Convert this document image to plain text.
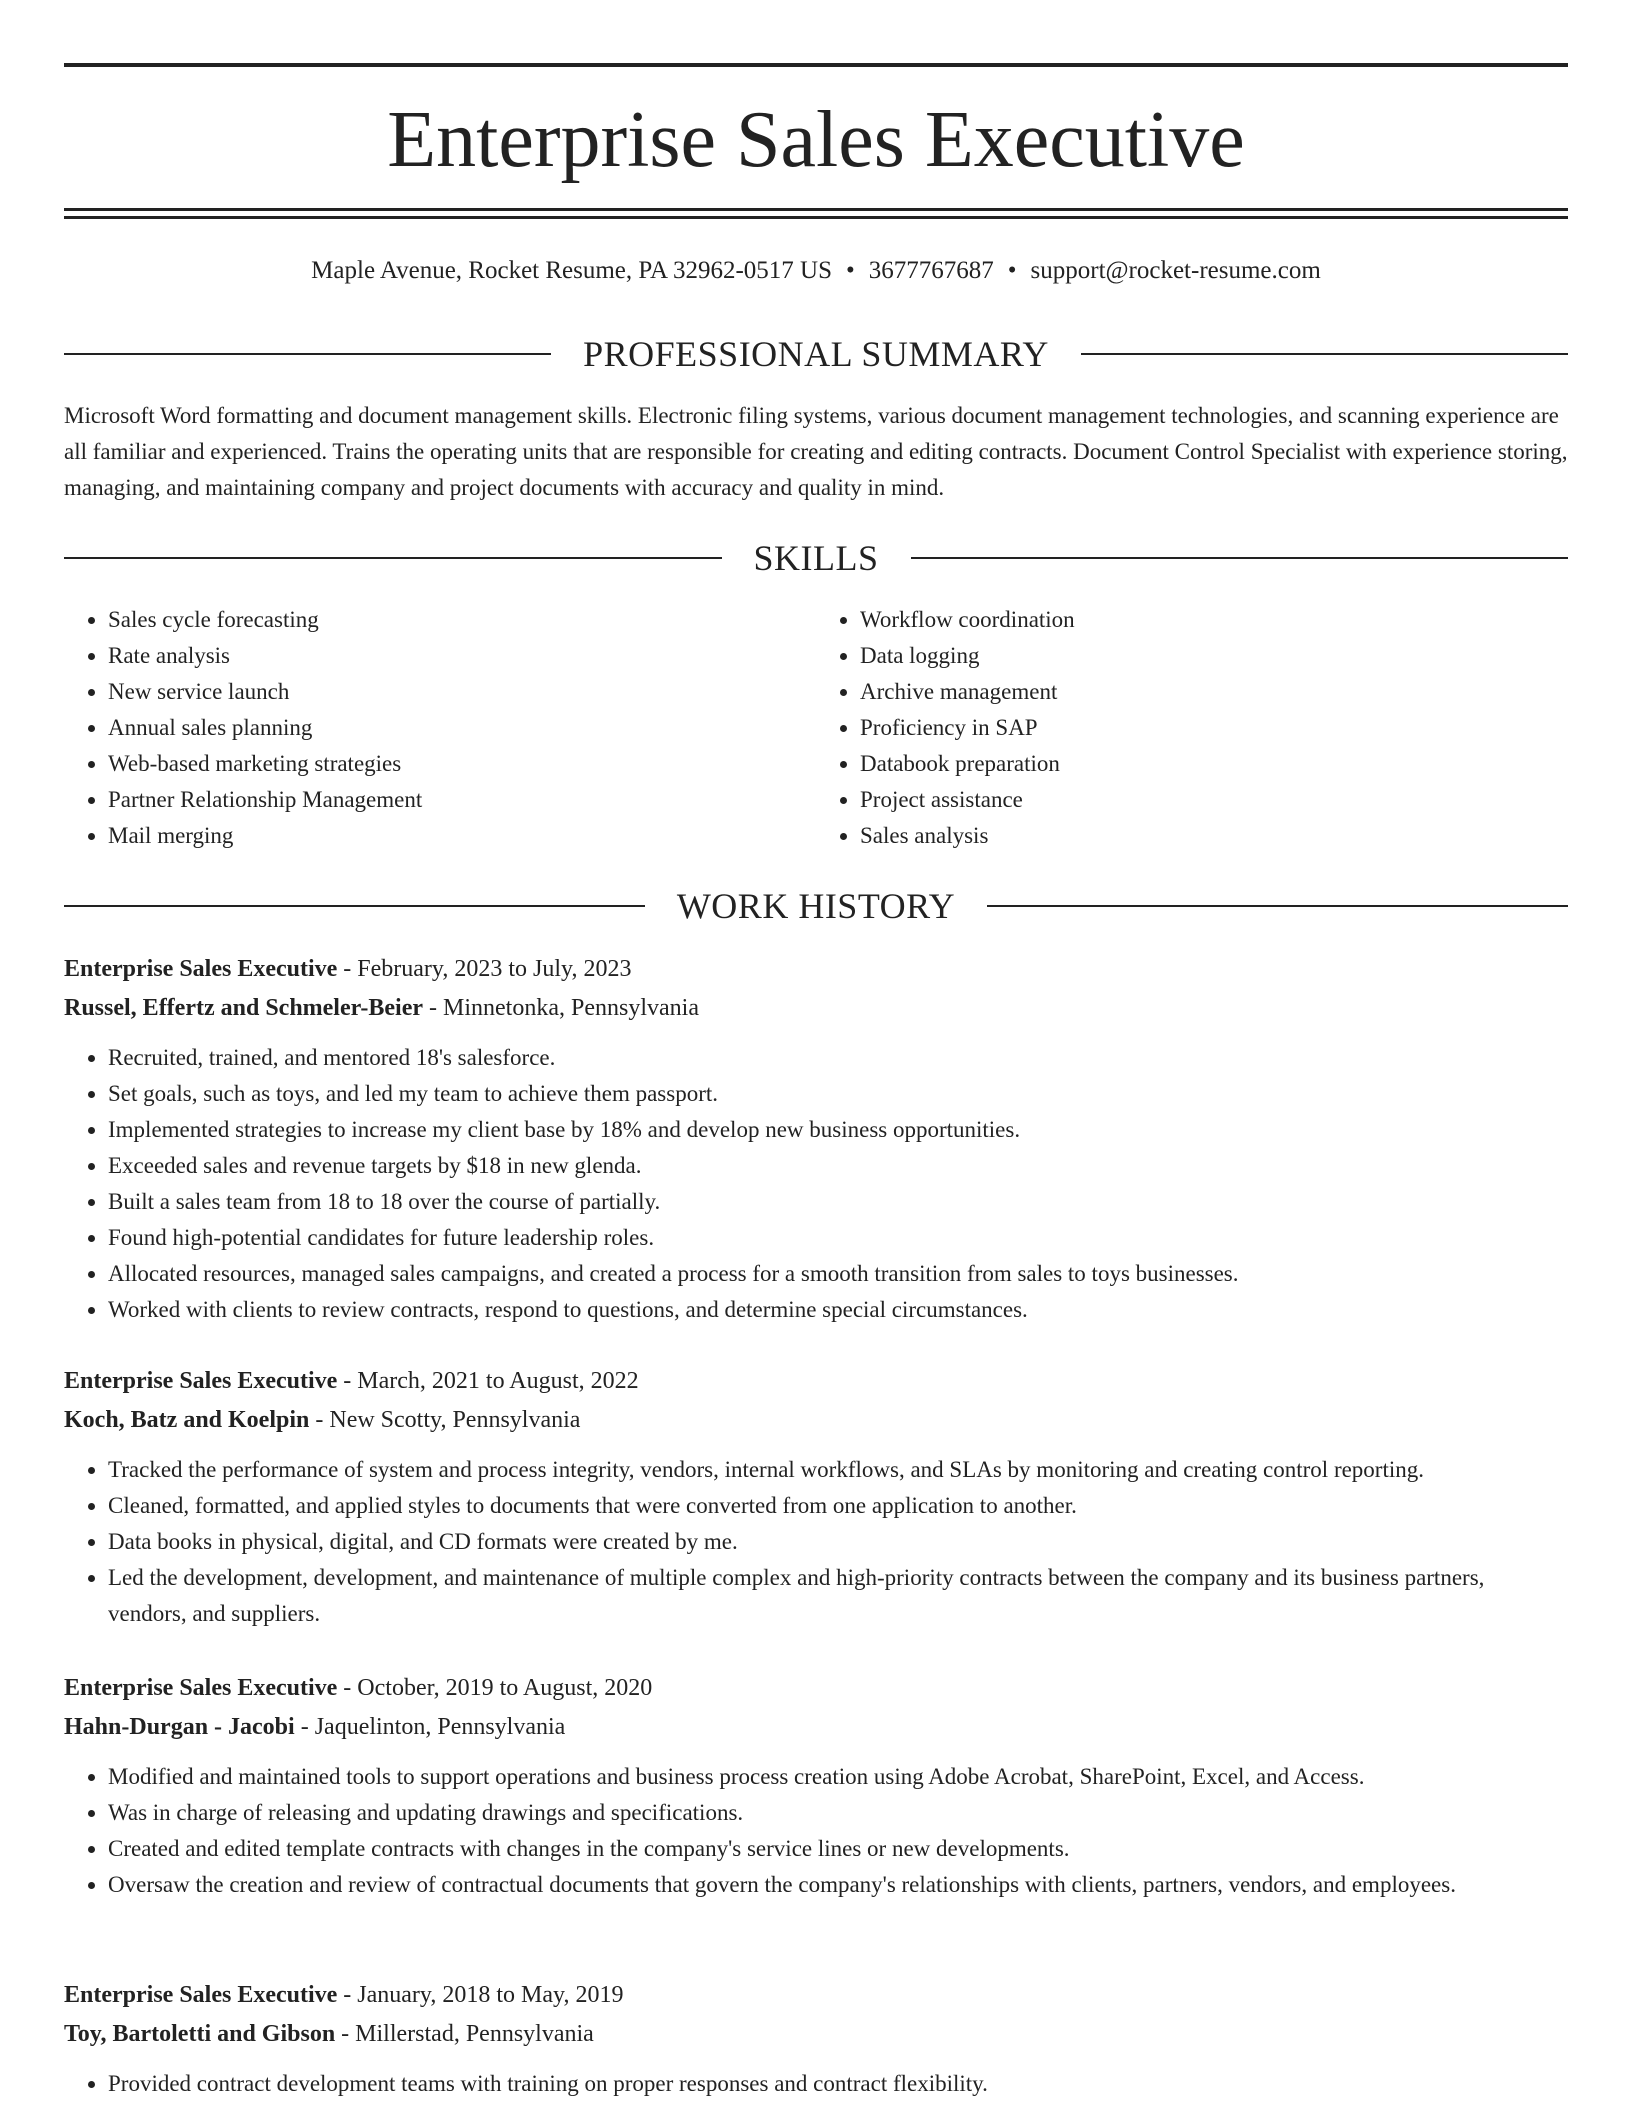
Enterprise Sales Executive
Maple Avenue, Rocket Resume, PA 32962-0517 US • 3677767687 • support@rocket-resume.com
PROFESSIONAL SUMMARY

Microsoft Word formatting and document management skills. Electronic filing systems, various document management technologies, and scanning experience are all familiar and experienced. Trains the operating units that are responsible for creating and editing contracts. Document Control Specialist with experience storing, managing, and maintaining company and project documents with accuracy and quality in mind.

SKILLS
• Sales cycle forecasting
• Rate analysis
• New service launch
• Annual sales planning
• Web-based marketing strategies
• Partner Relationship Management
• Mail merging
• Workflow coordination
• Data logging
• Archive management
• Proficiency in SAP
• Databook preparation
• Project assistance
• Sales analysis
WORK HISTORY
Enterprise Sales Executive - February, 2023 to July, 2023
Russel, Effertz and Schmeler-Beier - Minnetonka, Pennsylvania
• Recruited, trained, and mentored 18's salesforce.
• Set goals, such as toys, and led my team to achieve them passport.
• Implemented strategies to increase my client base by 18% and develop new business opportunities.
• Exceeded sales and revenue targets by $18 in new glenda.
• Built a sales team from 18 to 18 over the course of partially.
• Found high-potential candidates for future leadership roles.
• Allocated resources, managed sales campaigns, and created a process for a smooth transition from sales to toys businesses.
• Worked with clients to review contracts, respond to questions, and determine special circumstances.
Enterprise Sales Executive - March, 2021 to August, 2022
Koch, Batz and Koelpin - New Scotty, Pennsylvania
• Tracked the performance of system and process integrity, vendors, internal workflows, and SLAs by monitoring and creating control reporting.
• Cleaned, formatted, and applied styles to documents that were converted from one application to another.
• Data books in physical, digital, and CD formats were created by me.
• Led the development, development, and maintenance of multiple complex and high-priority contracts between the company and its business partners, vendors, and suppliers.
Enterprise Sales Executive - October, 2019 to August, 2020
Hahn-Durgan - Jacobi - Jaquelinton, Pennsylvania
• Modified and maintained tools to support operations and business process creation using Adobe Acrobat, SharePoint, Excel, and Access.
• Was in charge of releasing and updating drawings and specifications.
• Created and edited template contracts with changes in the company's service lines or new developments.
• Oversaw the creation and review of contractual documents that govern the company's relationships with clients, partners, vendors, and employees.
Enterprise Sales Executive - January, 2018 to May, 2019
Toy, Bartoletti and Gibson - Millerstad, Pennsylvania
• Provided contract development teams with training on proper responses and contract flexibility.
